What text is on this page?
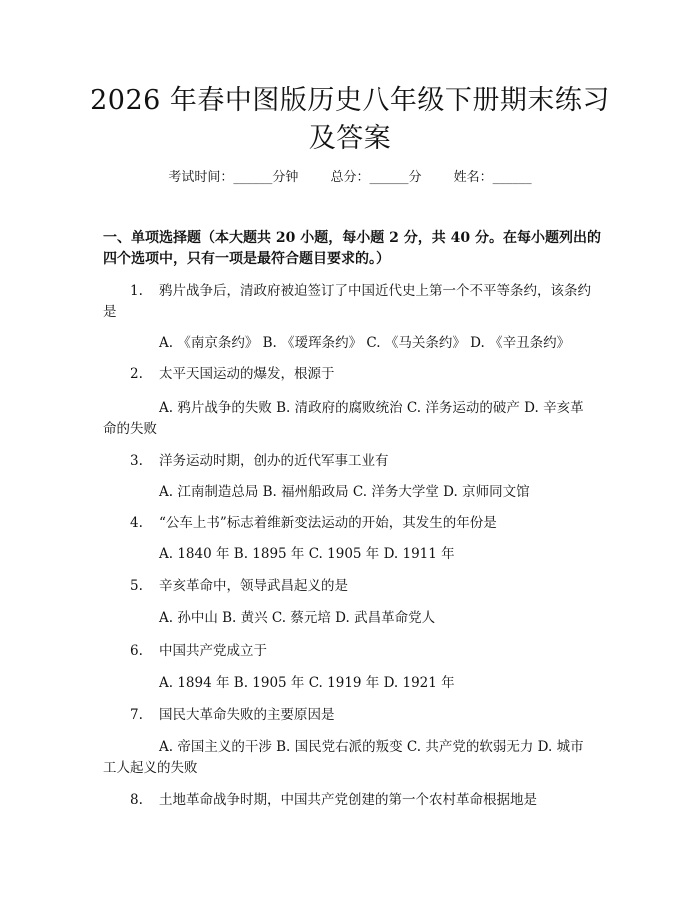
2026 年春中图版历史八年级下册期末练习及答案
考试时间：______分钟 总分：______分 姓名：______

一、单项选择题（本大题共 20 小题，每小题 2 分，共 40 分。在每小题列出的四个选项中，只有一项是最符合题目要求的。）

1.	鸦片战争后，清政府被迫签订了中国近代史上第一个不平等条约，该条约是
A. 《南京条约》 B. 《瑷珲条约》 C. 《马关条约》 D. 《辛丑条约》
2.	太平天国运动的爆发，根源于
A. 鸦片战争的失败 B. 清政府的腐败统治 C. 洋务运动的破产 D. 辛亥革命的失败
3.	洋务运动时期，创办的近代军事工业有
A. 江南制造总局 B. 福州船政局 C. 洋务大学堂 D. 京师同文馆
4.	“公车上书”标志着维新变法运动的开始，其发生的年份是
A. 1840 年 B. 1895 年 C. 1905 年 D. 1911 年
5.	辛亥革命中，领导武昌起义的是
A. 孙中山 B. 黄兴 C. 蔡元培 D. 武昌革命党人
6.	中国共产党成立于
A. 1894 年 B. 1905 年 C. 1919 年 D. 1921 年
7.	国民大革命失败的主要原因是
A. 帝国主义的干涉 B. 国民党右派的叛变 C. 共产党的软弱无力 D. 城市工人起义的失败
8.	土地革命战争时期，中国共产党创建的第一个农村革命根据地是
